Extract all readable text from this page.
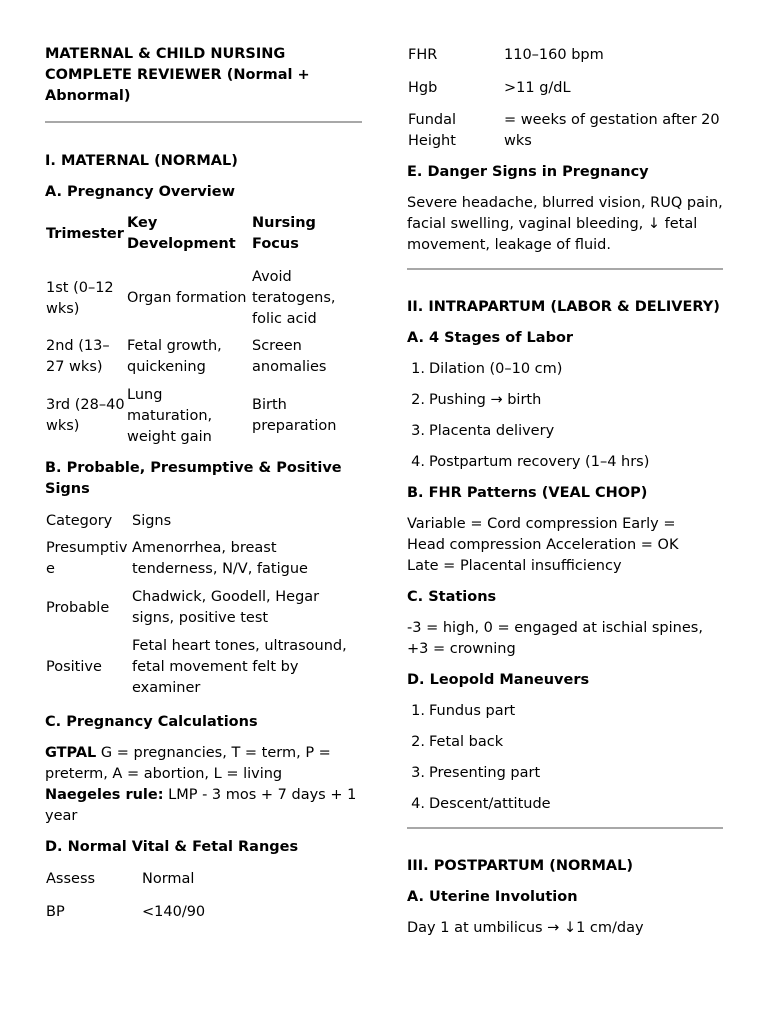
MATERNAL & CHILD NURSING COMPLETE REVIEWER (Normal + Abnormal)
I. MATERNAL (NORMAL)
A. Pregnancy Overview
Trimester	Key Development	Nursing Focus
1st (0–12 wks)	Organ formation	Avoid teratogens, folic acid
2nd (13–27 wks)	Fetal growth, quickening	Screen anomalies
3rd (28–40 wks)	Lung maturation, weight gain	Birth preparation
B. Probable, Presumptive & Positive Signs
Category	Signs
Presumptive	Amenorrhea, breast tenderness, N/V, fatigue
Probable	Chadwick, Goodell, Hegar signs, positive test
Positive	Fetal heart tones, ultrasound, fetal movement felt by examiner
C. Pregnancy Calculations

GTPAL G = pregnancies, T = term, P = preterm, A = abortion, L = living Naegeles rule: LMP - 3 mos + 7 days + 1 year

D. Normal Vital & Fetal Ranges
Assess	Normal
BP	<140/90
FHR	110–160 bpm
Hgb	>11 g/dL
Fundal Height	= weeks of gestation after 20 wks
E. Danger Signs in Pregnancy

Severe headache, blurred vision, RUQ pain, facial swelling, vaginal bleeding, ↓ fetal movement, leakage of fluid.

II. INTRAPARTUM (LABOR & DELIVERY)
A. 4 Stages of Labor
1. Dilation (0–10 cm)
2. Pushing → birth
3. Placenta delivery
4. Postpartum recovery (1–4 hrs)
B. FHR Patterns (VEAL CHOP)

Variable = Cord compression Early = Head compression Acceleration = OK Late = Placental insufficiency

C. Stations

-3 = high, 0 = engaged at ischial spines, +3 = crowning

D. Leopold Maneuvers
1. Fundus part
2. Fetal back
3. Presenting part
4. Descent/attitude
III. POSTPARTUM (NORMAL)
A. Uterine Involution

Day 1 at umbilicus → ↓1 cm/day
